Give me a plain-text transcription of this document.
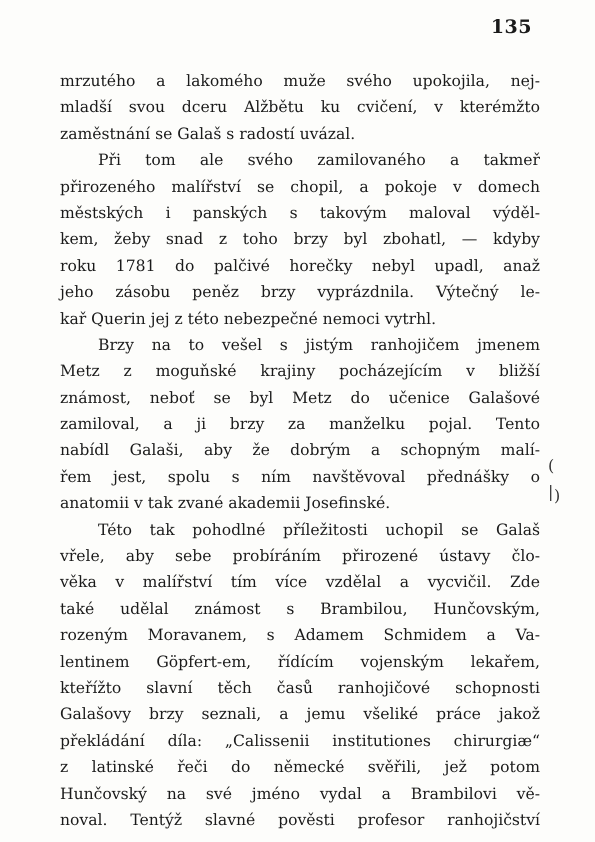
135
mrzutého a lakomého muže svého upokojila, nej-
mladší svou dceru Alžbětu ku cvičení, v kterémžto
zaměstnání se Galaš s radostí uvázal.
Při tom ale svého zamilovaného a takmeř
přirozeného malířství se chopil, a pokoje v domech
městských i panských s takovým maloval výděl-
kem, žeby snad z toho brzy byl zbohatl, — kdyby
roku 1781 do palčivé horečky nebyl upadl, anaž
jeho zásobu peněz brzy vyprázdnila. Výtečný le-
kař Querin jej z této nebezpečné nemoci vytrhl.
Brzy na to vešel s jistým ranhojičem jmenem
Metz z moguňské krajiny pocházejícím v bližší
známost, neboť se byl Metz do učenice Galašové
zamiloval, a ji brzy za manželku pojal. Tento
nabídl Galaši, aby že dobrým a schopným malí-
řem jest, spolu s ním navštěvoval přednášky o
anatomii v tak zvané akademii Josefinské.
Této tak pohodlné příležitosti uchopil se Galaš
vřele, aby sebe probíráním přirozené ústavy člo-
věka v malířství tím více vzdělal a vycvičil. Zde
také udělal známost s Brambilou, Hunčovským,
rozeným Moravanem, s Adamem Schmidem a Va-
lentinem Göpfert-em, řídícím vojenským lekařem,
kteřížto slavní těch časů ranhojičové schopnosti
Galašovy brzy seznali, a jemu všeliké práce jakož
překládání díla: „Calissenii institutiones chirurgiæ“
z latinské řeči do německé svěřili, jež potom
Hunčovský na své jméno vydal a Brambilovi vě-
noval. Tentýž slavné pověsti profesor ranhojičství
(
| )
